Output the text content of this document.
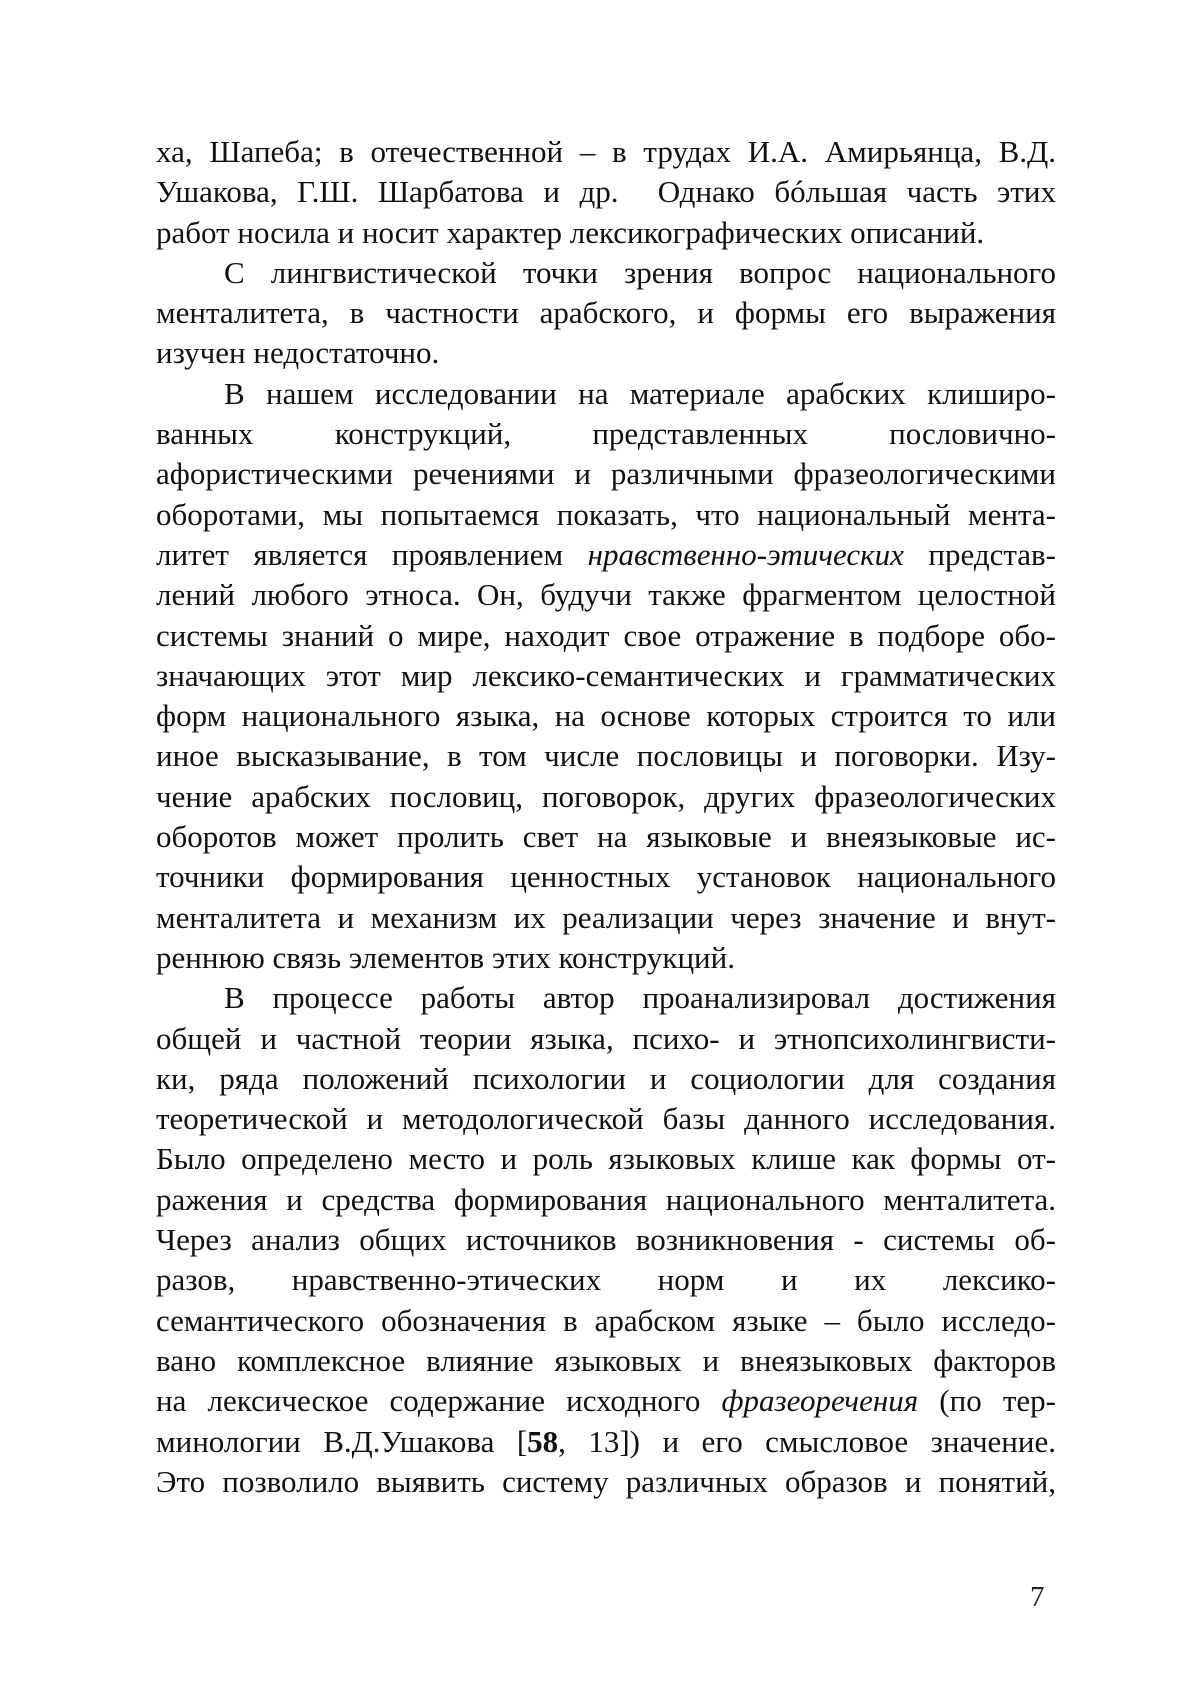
ха, Шапеба; в отечественной – в трудах И.А. Амирьянца, В.Д.
Ушакова, Г.Ш. Шарбатова и др.  Однако бóльшая часть этих
работ носила и носит характер лексикографических описаний.
С лингвистической точки зрения вопрос национального
менталитета, в частности арабского, и формы его выражения
изучен недостаточно.
В нашем исследовании на материале арабских клиширо-
ванных конструкций, представленных пословично-
афористическими речениями и различными фразеологическими
оборотами, мы попытаемся показать, что национальный мента-
литет является проявлением нравственно-этических представ-
лений любого этноса. Он, будучи также фрагментом целостной
системы знаний о мире, находит свое отражение в подборе обо-
значающих этот мир лексико-семантических и грамматических
форм национального языка, на основе которых строится то или
иное высказывание, в том числе пословицы и поговорки. Изу-
чение арабских пословиц, поговорок, других фразеологических
оборотов может пролить свет на языковые и внеязыковые ис-
точники формирования ценностных установок национального
менталитета и механизм их реализации через значение и внут-
реннюю связь элементов этих конструкций.
В процессе работы автор проанализировал достижения
общей и частной теории языка, психо- и этнопсихолингвисти-
ки, ряда положений психологии и социологии для создания
теоретической и методологической базы данного исследования.
Было определено место и роль языковых клише как формы от-
ражения и средства формирования национального менталитета.
Через анализ общих источников возникновения - системы об-
разов, нравственно-этических норм и их лексико-
семантического обозначения в арабском языке – было исследо-
вано комплексное влияние языковых и внеязыковых факторов
на лексическое содержание исходного фразеоречения (по тер-
минологии В.Д.Ушакова [58, 13]) и его смысловое значение.
Это позволило выявить систему различных образов и понятий,
7
